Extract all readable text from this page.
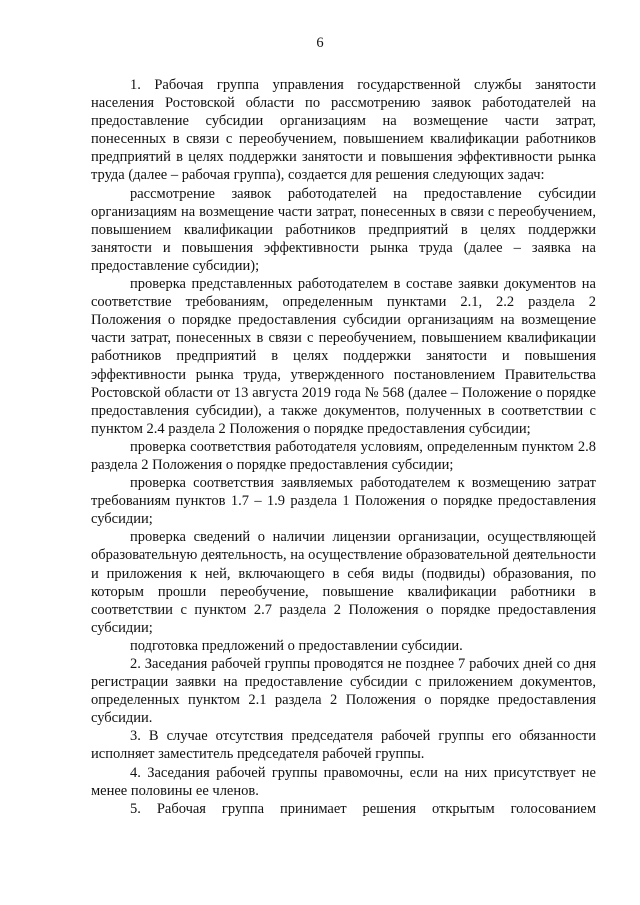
6

1. Рабочая группа управления государственной службы занятости населения Ростовской области по рассмотрению заявок работодателей на предоставление субсидии организациям на возмещение части затрат, понесенных в связи с переобучением, повышением квалификации работников предприятий в целях поддержки занятости и повышения эффективности рынка труда (далее – рабочая группа), создается для решения следующих задач:

рассмотрение заявок работодателей на предоставление субсидии организациям на возмещение части затрат, понесенных в связи с переобучением, повышением квалификации работников предприятий в целях поддержки занятости и повышения эффективности рынка труда (далее – заявка на предоставление субсидии);

проверка представленных работодателем в составе заявки документов на соответствие требованиям, определенным пунктами 2.1, 2.2 раздела 2 Положения о порядке предоставления субсидии организациям на возмещение части затрат, понесенных в связи с переобучением, повышением квалификации работников предприятий в целях поддержки занятости и повышения эффективности рынка труда, утвержденного постановлением Правительства Ростовской области от 13 августа 2019 года № 568 (далее – Положение о порядке предоставления субсидии), а также документов, полученных в соответствии с пунктом 2.4 раздела 2 Положения о порядке предоставления субсидии;

проверка соответствия работодателя условиям, определенным пунктом 2.8 раздела 2 Положения о порядке предоставления субсидии;

проверка соответствия заявляемых работодателем к возмещению затрат требованиям пунктов 1.7 – 1.9 раздела 1 Положения о порядке предоставления субсидии;

проверка сведений о наличии лицензии организации, осуществляющей образовательную деятельность, на осуществление образовательной деятельности и приложения к ней, включающего в себя виды (подвиды) образования, по которым прошли переобучение, повышение квалификации работники в соответствии с пунктом 2.7 раздела 2 Положения о порядке предоставления субсидии;

подготовка предложений о предоставлении субсидии.

2. Заседания рабочей группы проводятся не позднее 7 рабочих дней со дня регистрации заявки на предоставление субсидии с приложением документов, определенных пунктом 2.1 раздела 2 Положения о порядке предоставления субсидии.

3. В случае отсутствия председателя рабочей группы его обязанности исполняет заместитель председателя рабочей группы.

4. Заседания рабочей группы правомочны, если на них присутствует не менее половины ее членов.

5. Рабочая группа принимает решения открытым голосованием
